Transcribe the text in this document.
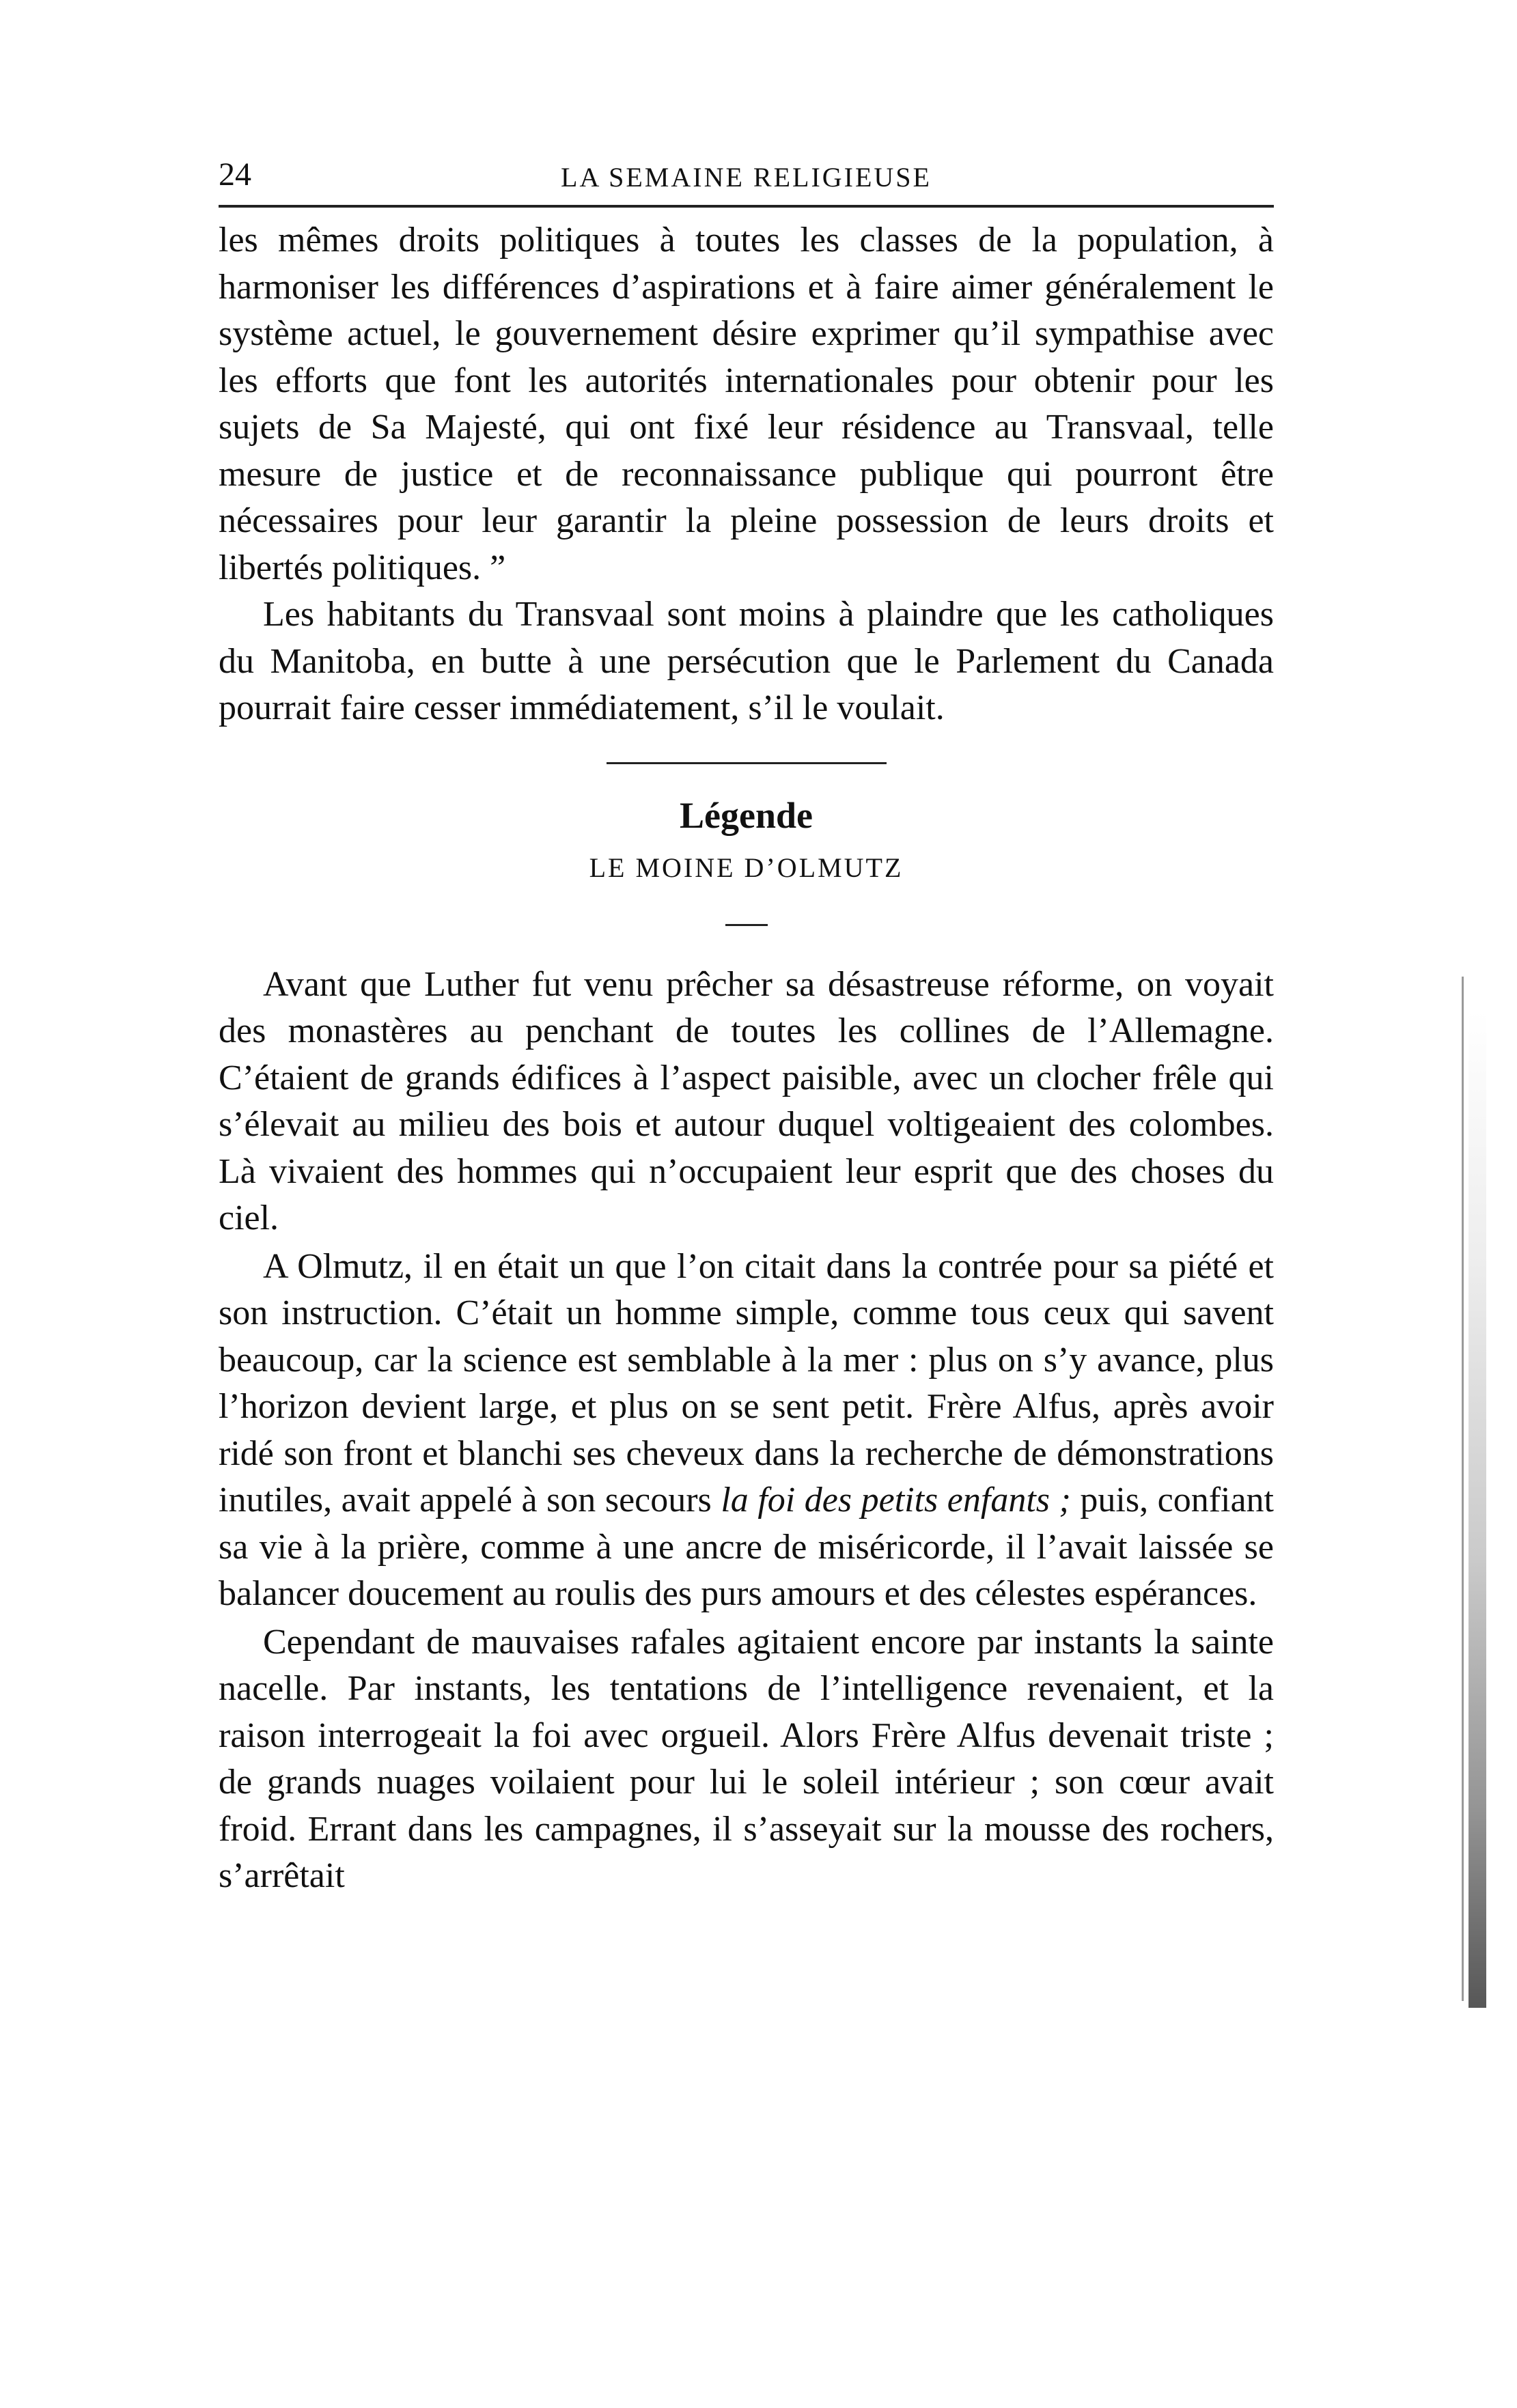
24	LA SEMAINE RELIGIEUSE

les mêmes droits politiques à toutes les classes de la population, à harmoniser les différences d’aspirations et à faire aimer généralement le système actuel, le gouvernement désire exprimer qu’il sympathise avec les efforts que font les autorités internationales pour obtenir pour les sujets de Sa Majesté, qui ont fixé leur résidence au Transvaal, telle mesure de justice et de reconnaissance publique qui pourront être nécessaires pour leur garantir la pleine possession de leurs droits et libertés politiques. ”

Les habitants du Transvaal sont moins à plaindre que les catholiques du Manitoba, en butte à une persécution que le Parlement du Canada pourrait faire cesser immédiatement, s’il le voulait.

Légende
LE MOINE D’OLMUTZ

Avant que Luther fut venu prêcher sa désastreuse réforme, on voyait des monastères au penchant de toutes les collines de l’Allemagne. C’étaient de grands édifices à l’aspect paisible, avec un clocher frêle qui s’élevait au milieu des bois et autour duquel voltigeaient des colombes. Là vivaient des hommes qui n’occupaient leur esprit que des choses du ciel.

A Olmutz, il en était un que l’on citait dans la contrée pour sa piété et son instruction. C’était un homme simple, comme tous ceux qui savent beaucoup, car la science est semblable à la mer : plus on s’y avance, plus l’horizon devient large, et plus on se sent petit. Frère Alfus, après avoir ridé son front et blanchi ses cheveux dans la recherche de démonstrations inutiles, avait appelé à son secours la foi des petits enfants ; puis, confiant sa vie à la prière, comme à une ancre de miséricorde, il l’avait laissée se balancer doucement au roulis des purs amours et des célestes espérances.

Cependant de mauvaises rafales agitaient encore par instants la sainte nacelle. Par instants, les tentations de l’intelligence revenaient, et la raison interrogeait la foi avec orgueil. Alors Frère Alfus devenait triste ; de grands nuages voilaient pour lui le soleil intérieur ; son cœur avait froid. Errant dans les campagnes, il s’asseyait sur la mousse des rochers, s’arrêtait
